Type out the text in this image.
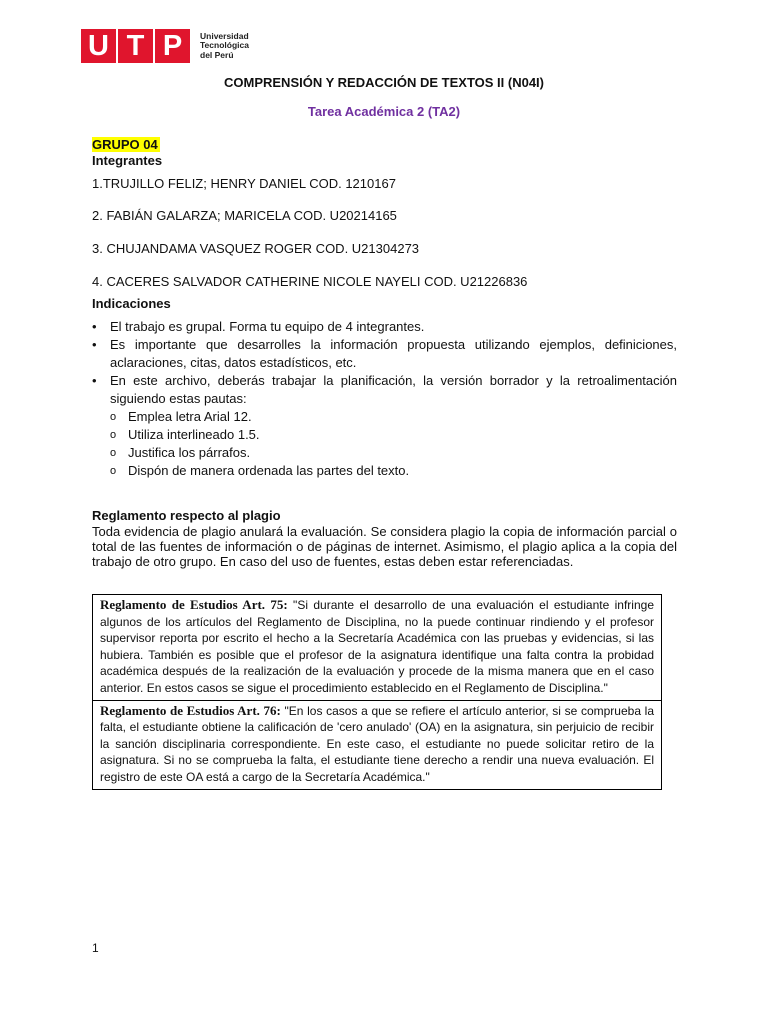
U T P	Universidad
Tecnológica
del Perú
COMPRENSIÓN Y REDACCIÓN DE TEXTOS II (N04I)
Tarea Académica 2 (TA2)
GRUPO 04
Integrantes
1.TRUJILLO FELIZ; HENRY DANIEL COD. 1210167
2. FABIÁN GALARZA; MARICELA COD. U20214165
3. CHUJANDAMA VASQUEZ ROGER COD. U21304273
4. CACERES SALVADOR CATHERINE NICOLE NAYELI COD. U21226836
Indicaciones
• El trabajo es grupal. Forma tu equipo de 4 integrantes.
• Es importante que desarrolles la información propuesta utilizando ejemplos, definiciones, aclaraciones, citas, datos estadísticos, etc.
• En este archivo, deberás trabajar la planificación, la versión borrador y la retroalimentación siguiendo estas pautas:
o Emplea letra Arial 12.
o Utiliza interlineado 1.5.
o Justifica los párrafos.
o Dispón de manera ordenada las partes del texto.
Reglamento respecto al plagio
Toda evidencia de plagio anulará la evaluación. Se considera plagio la copia de información parcial o total de las fuentes de información o de páginas de internet. Asimismo, el plagio aplica a la copia del trabajo de otro grupo. En caso del uso de fuentes, estas deben estar referenciadas.
Reglamento de Estudios Art. 75: "Si durante el desarrollo de una evaluación el estudiante infringe algunos de los artículos del Reglamento de Disciplina, no la puede continuar rindiendo y el profesor supervisor reporta por escrito el hecho a la Secretaría Académica con las pruebas y evidencias, si las hubiera. También es posible que el profesor de la asignatura identifique una falta contra la probidad académica después de la realización de la evaluación y procede de la misma manera que en el caso anterior. En estos casos se sigue el procedimiento establecido en el Reglamento de Disciplina."
Reglamento de Estudios Art. 76: "En los casos a que se refiere el artículo anterior, si se comprueba la falta, el estudiante obtiene la calificación de 'cero anulado' (OA) en la asignatura, sin perjuicio de recibir la sanción disciplinaria correspondiente. En este caso, el estudiante no puede solicitar retiro de la asignatura. Si no se comprueba la falta, el estudiante tiene derecho a rendir una nueva evaluación. El registro de este OA está a cargo de la Secretaría Académica."
1
